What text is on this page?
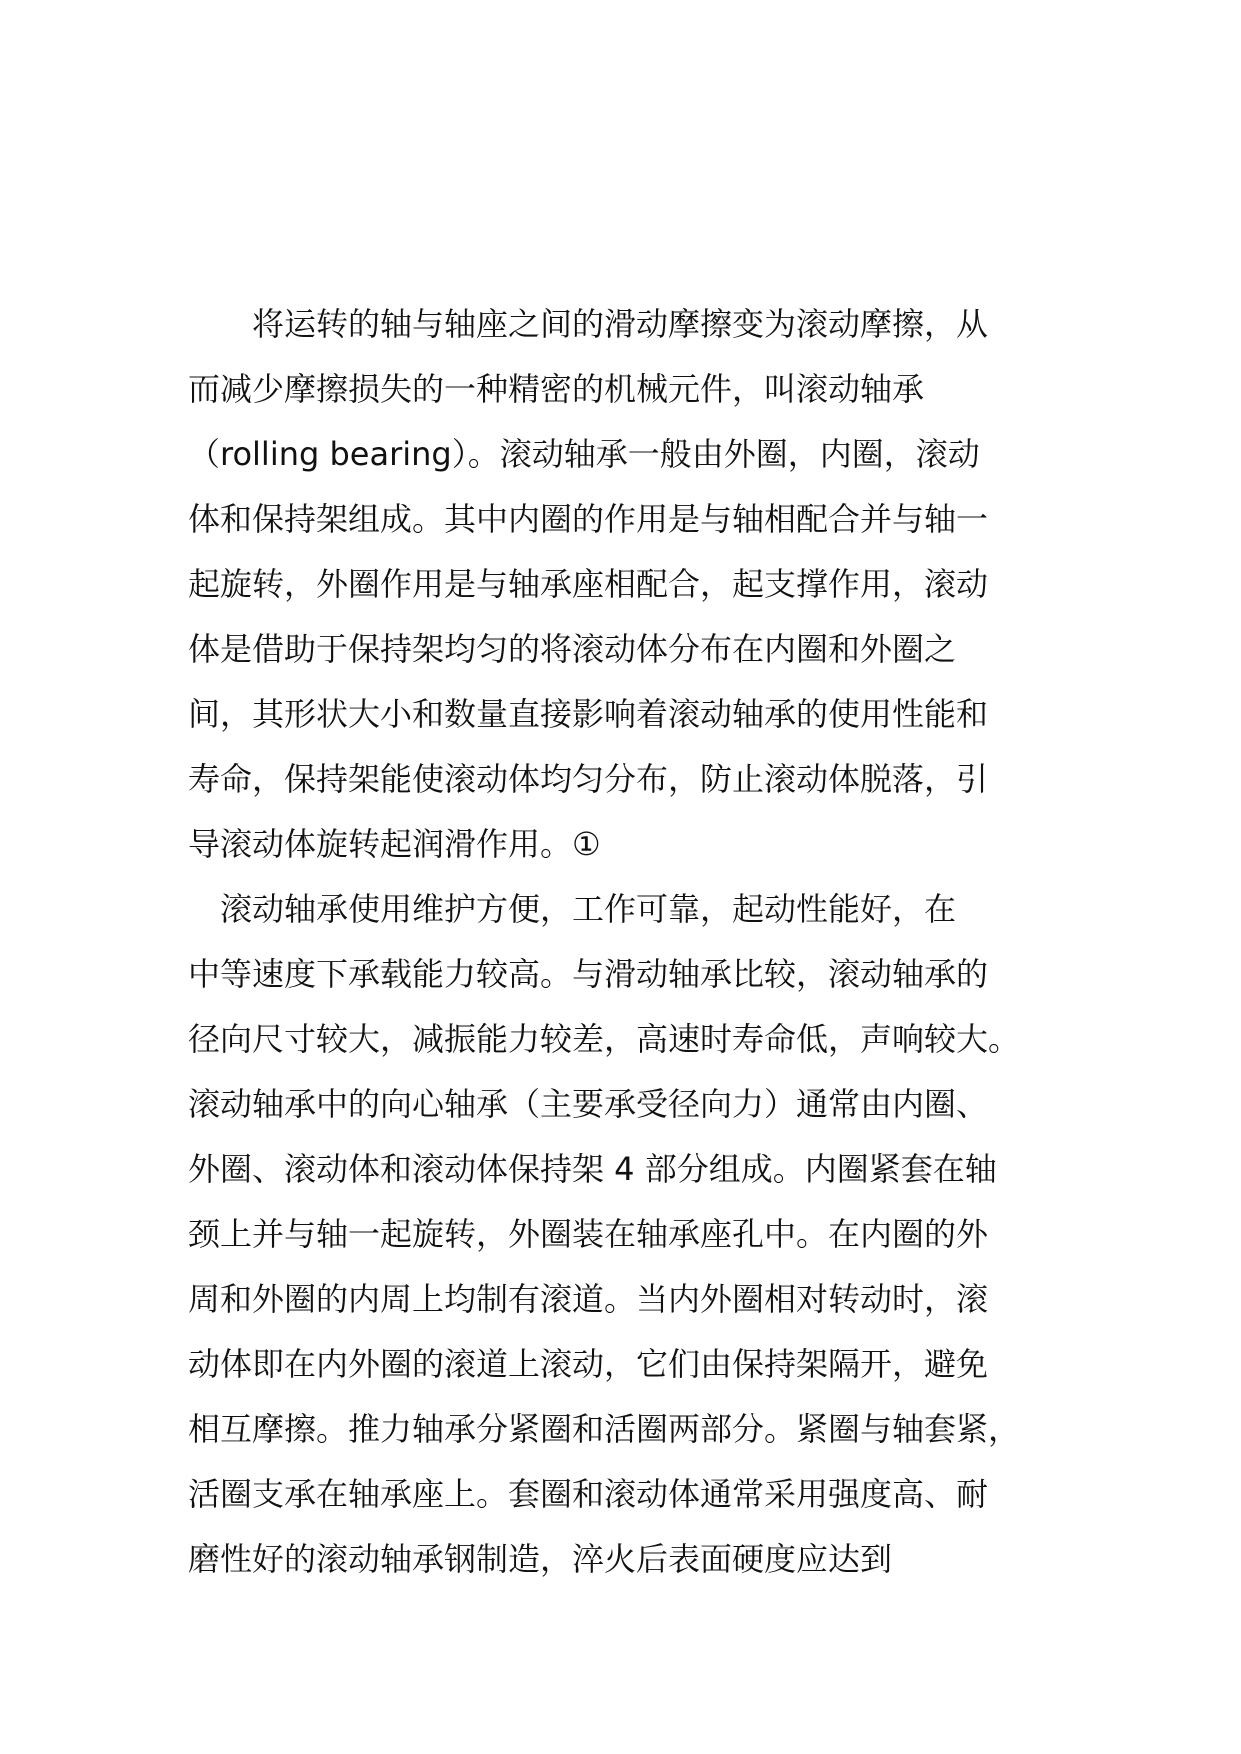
　　将运转的轴与轴座之间的滑动摩擦变为滚动摩擦，从
而减少摩擦损失的一种精密的机械元件，叫滚动轴承
（rolling bearing）。滚动轴承一般由外圈，内圈，滚动
体和保持架组成。其中内圈的作用是与轴相配合并与轴一
起旋转，外圈作用是与轴承座相配合，起支撑作用，滚动
体是借助于保持架均匀的将滚动体分布在内圈和外圈之
间，其形状大小和数量直接影响着滚动轴承的使用性能和
寿命，保持架能使滚动体均匀分布，防止滚动体脱落，引
导滚动体旋转起润滑作用。①
　滚动轴承使用维护方便，工作可靠，起动性能好，在
中等速度下承载能力较高。与滑动轴承比较，滚动轴承的
径向尺寸较大，减振能力较差，高速时寿命低，声响较大。
滚动轴承中的向心轴承（主要承受径向力）通常由内圈、
外圈、滚动体和滚动体保持架 4 部分组成。内圈紧套在轴
颈上并与轴一起旋转，外圈装在轴承座孔中。在内圈的外
周和外圈的内周上均制有滚道。当内外圈相对转动时，滚
动体即在内外圈的滚道上滚动，它们由保持架隔开，避免
相互摩擦。推力轴承分紧圈和活圈两部分。紧圈与轴套紧，
活圈支承在轴承座上。套圈和滚动体通常采用强度高、耐
磨性好的滚动轴承钢制造，淬火后表面硬度应达到
